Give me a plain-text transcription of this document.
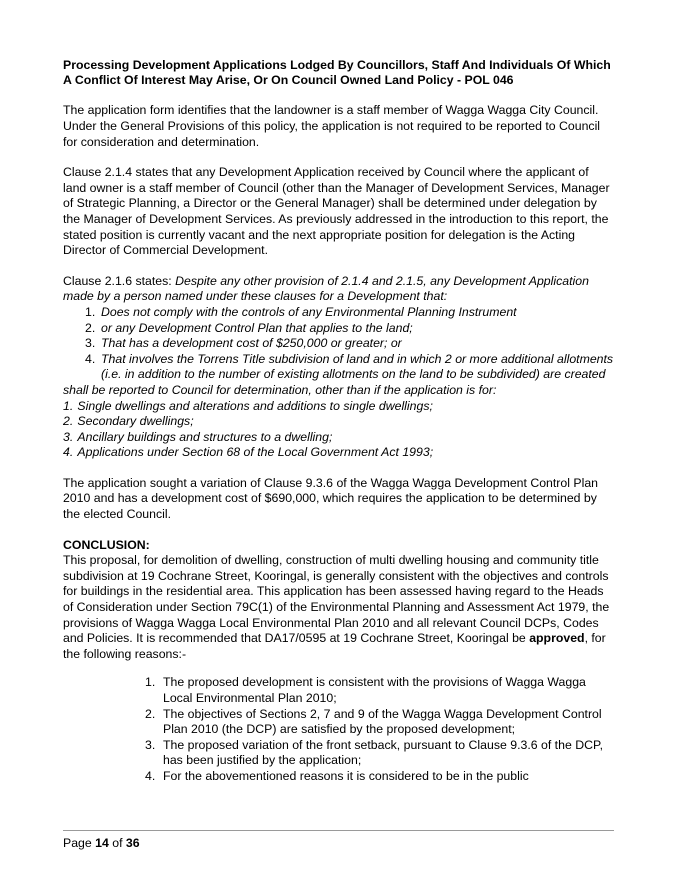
Processing Development Applications Lodged By Councillors, Staff And Individuals Of Which A Conflict Of Interest May Arise, Or On Council Owned Land Policy - POL 046

The application form identifies that the landowner is a staff member of Wagga Wagga City Council. Under the General Provisions of this policy, the application is not required to be reported to Council for consideration and determination.

Clause 2.1.4 states that any Development Application received by Council where the applicant of land owner is a staff member of Council (other than the Manager of Development Services, Manager of Strategic Planning, a Director or the General Manager) shall be determined under delegation by the Manager of Development Services. As previously addressed in the introduction to this report, the stated position is currently vacant and the next appropriate position for delegation is the Acting Director of Commercial Development.

Clause 2.1.6 states: Despite any other provision of 2.1.4 and 2.1.5, any Development Application made by a person named under these clauses for a Development that:
1. Does not comply with the controls of any Environmental Planning Instrument
2. or any Development Control Plan that applies to the land;
3. That has a development cost of $250,000 or greater; or
4. That involves the Torrens Title subdivision of land and in which 2 or more additional allotments (i.e. in addition to the number of existing allotments on the land to be subdivided) are created
shall be reported to Council for determination, other than if the application is for:
1.
Single dwellings and alterations and additions to single dwellings;
2.
Secondary dwellings;
3.
Ancillary buildings and structures to a dwelling;
4.
Applications under Section 68 of the Local Government Act 1993;

The application sought a variation of Clause 9.3.6 of the Wagga Wagga Development Control Plan 2010 and has a development cost of $690,000, which requires the application to be determined by the elected Council.

CONCLUSION:

This proposal, for demolition of dwelling, construction of multi dwelling housing and community title subdivision at 19 Cochrane Street, Kooringal, is generally consistent with the objectives and controls for buildings in the residential area. This application has been assessed having regard to the Heads of Consideration under Section 79C(1) of the Environmental Planning and Assessment Act 1979, the provisions of Wagga Wagga Local Environmental Plan 2010 and all relevant Council DCPs, Codes and Policies. It is recommended that DA17/0595 at 19 Cochrane Street, Kooringal be approved, for the following reasons:-

1. The proposed development is consistent with the provisions of Wagga Wagga Local Environmental Plan 2010;
2. The objectives of Sections 2, 7 and 9 of the Wagga Wagga Development Control Plan 2010 (the DCP) are satisfied by the proposed development;
3. The proposed variation of the front setback, pursuant to Clause 9.3.6 of the DCP, has been justified by the application;
4. For the abovementioned reasons it is considered to be in the public
Page 14 of 36
